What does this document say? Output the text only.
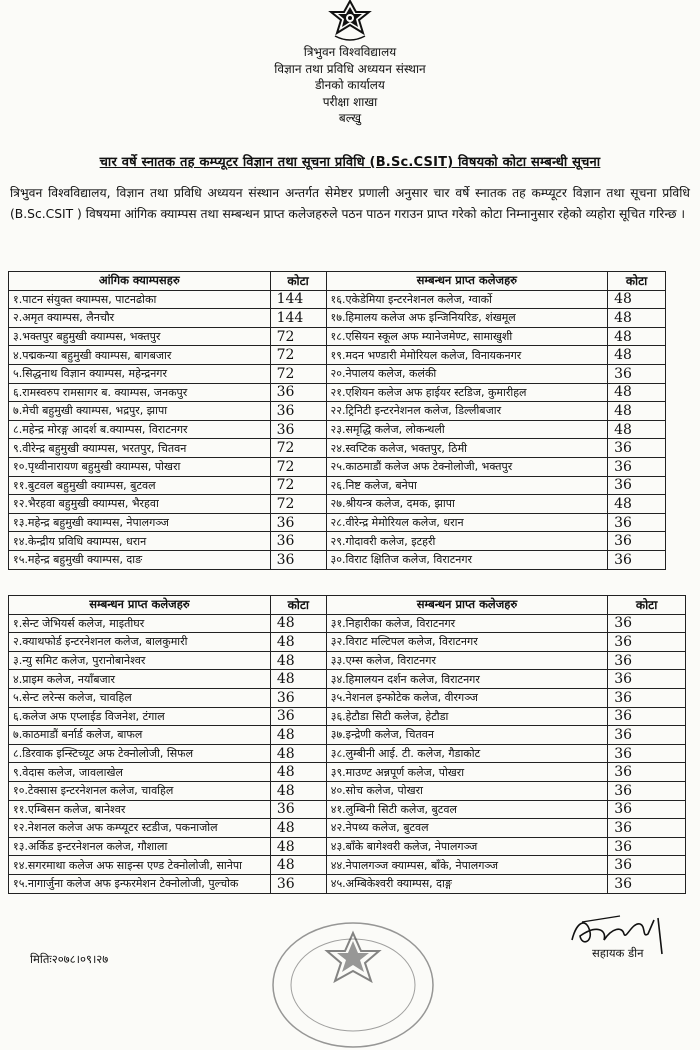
त्रिभुवन विश्वविद्यालय
विज्ञान तथा प्रविधि अध्ययन संस्थान
डीनको कार्यालय
परीक्षा शाखा
बल्खु
चार वर्षे स्नातक तह कम्प्यूटर विज्ञान तथा सूचना प्रविधि (B.Sc.CSIT) विषयको कोटा सम्बन्धी सूचना
त्रिभुवन विश्वविद्यालय, विज्ञान तथा प्रविधि अध्ययन संस्थान अन्तर्गत सेमेष्टर प्रणाली अनुसार चार वर्षे स्नातक तह कम्प्यूटर विज्ञान तथा सूचना प्रविधि (B.Sc.CSIT ) विषयमा आंगिक क्याम्पस तथा सम्बन्धन प्राप्त कलेजहरुले पठन पाठन गराउन प्राप्त गरेको कोटा निम्नानुसार रहेको व्यहोरा सूचित गरिन्छ ।
आंगिक क्याम्पसहरु	कोटा	सम्बन्धन प्राप्त कलेजहरु	कोटा
१.पाटन संयुक्त क्याम्पस, पाटनढोका	144	१६.एकेडेमिया इन्टरनेशनल कलेज, ग्वार्को	48
२.अमृत क्याम्पस, लैनचौर	144	१७.हिमालय कलेज अफ इन्जिनियरिङ, शंखमूल	48
३.भक्तपुर बहुमुखी क्याम्पस, भक्तपुर	72	१८.एसियन स्कूल अफ म्यानेजमेण्ट, सामाखुशी	48
४.पद्मकन्या बहुमुखी क्याम्पस, बागबजार	72	१९.मदन भण्डारी मेमोरियल कलेज, विनायकनगर	48
५.सिद्धनाथ विज्ञान क्याम्पस, महेन्द्रनगर	72	२०.नेपालय कलेज, कलंकी	36
६.रामस्वरुप रामसागर ब. क्याम्पस, जनकपुर	36	२१.एशियन कलेज अफ हाईयर स्टडिज, कुमारीहल	48
७.मेची बहुमुखी क्याम्पस, भद्रपुर, झापा	36	२२.ट्रिनिटी इन्टरनेशनल कलेज, डिल्लीबजार	48
८.महेन्द्र मोरङ्ग आदर्श ब.क्याम्पस, विराटनगर	36	२३.समृद्धि कलेज, लोकन्थली	48
९.वीरेन्द्र बहुमुखी क्याम्पस, भरतपुर, चितवन	72	२४.स्वप्टिक कलेज, भक्तपुर, ठिमी	36
१०.पृथ्वीनारायण बहुमुखी क्याम्पस, पोखरा	72	२५.काठमाडौं कलेज अफ टेक्नोलोजी, भक्तपुर	36
११.बुटवल बहुमुखी क्याम्पस, बुटवल	72	२६.निष्ट कलेज, बनेपा	36
१२.भैरहवा बहुमुखी क्याम्पस, भैरहवा	72	२७.श्रीयन्त्र कलेज, दमक, झापा	48
१३.महेन्द्र बहुमुखी क्याम्पस, नेपालगञ्ज	36	२८.वीरेन्द्र मेमोरियल कलेज, धरान	36
१४.केन्द्रीय प्रविधि क्याम्पस, धरान	36	२९.गोदावरी कलेज, इटहरी	36
१५.महेन्द्र बहुमुखी क्याम्पस, दाङ	36	३०.विराट क्षितिज कलेज, विराटनगर	36
सम्बन्धन प्राप्त कलेजहरु	कोटा	सम्बन्धन प्राप्त कलेजहरु	कोटा
१.सेन्ट जेभियर्स कलेज, माइतीघर	48	३१.निहारीका कलेज, विराटनगर	36
२.क्याथफोर्ड इन्टरनेशनल कलेज, बालकुमारी	48	३२.विराट मल्टिपल कलेज, विराटनगर	36
३.न्यु समिट कलेज, पुरानोबानेश्वर	48	३३.एम्स कलेज, विराटनगर	36
४.प्राइम कलेज, नयाँबजार	48	३४.हिमालयन दर्शन कलेज, विराटनगर	36
५.सेन्ट लरेन्स कलेज, चावहिल	36	३५.नेशनल इन्फोटेक कलेज, वीरगञ्ज	36
६.कलेज अफ एप्लाईड विजनेश, टंगाल	36	३६.हेटौडा सिटी कलेज, हेटौडा	36
७.काठमाडौं बर्नार्ड कलेज, बाफल	48	३७.इन्द्रेणी कलेज, चितवन	36
८.डिरवाक इन्स्टिच्यूट अफ टेक्नोलोजी, सिफल	48	३८.लुम्बीनी आई. टी. कलेज, गैडाकोट	36
९.वेदास कलेज, जावलाखेल	48	३९.माउण्ट अन्नपूर्ण कलेज, पोखरा	36
१०.टेक्सास इन्टरनेशनल कलेज, चावहिल	48	४०.सोच कलेज, पोखरा	36
११.एम्बिसन कलेज, बानेश्वर	36	४१.लुम्बिनी सिटी कलेज, बुटवल	36
१२.नेशनल कलेज अफ कम्प्यूटर स्टडीज, पकनाजोल	48	४२.नेपथ्य कलेज, बुटवल	36
१३.अर्किड इन्टरनेशनल कलेज, गौशाला	48	४३.बाँके बागेश्वरी कलेज, नेपालगञ्ज	36
१४.सगरमाथा कलेज अफ साइन्स एण्ड टेक्नोलोजी, सानेपा	48	४४.नेपालगञ्ज क्याम्पस, बाँके, नेपालगञ्ज	36
१५.नागार्जुना कलेज अफ इन्फरमेशन टेक्नोलोजी, पुल्चोक	36	४५.अम्बिकेश्वरी क्याम्पस, दाङ्ग	36
मितिः२०७८।०९।२७	सहायक डीन
